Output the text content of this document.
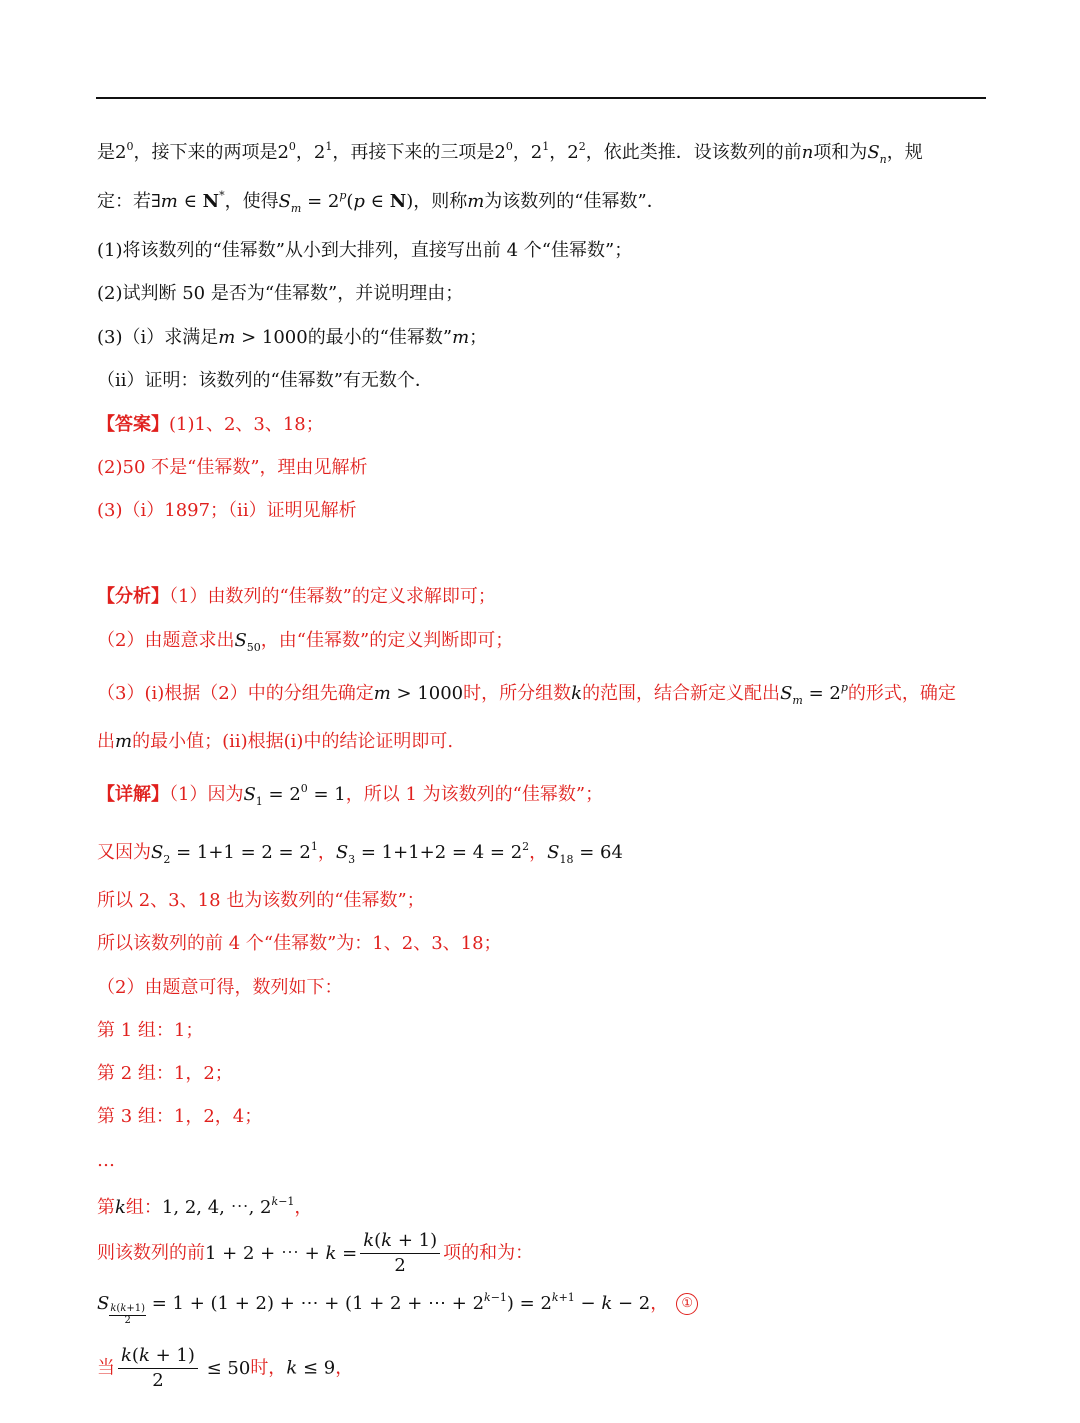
是$2^0$，接下来的两项是$2^0$，$2^1$，再接下来的三项是$2^0$，$2^1$，$2^2$，依此类推．设该数列的前n项和为$S_n$，规
定：若∃m ∈ N*，使得$S_m = 2^p(p$ ∈ N)，则称m为该数列的“佳幂数”．
(1)将该数列的“佳幂数”从小到大排列，直接写出前 4 个“佳幂数”；
(2)试判断 50 是否为“佳幂数”，并说明理由；
(3)（i）求满足m > 1000的最小的“佳幂数”m；
（ii）证明：该数列的“佳幂数”有无数个．
【答案】(1)1、2、3、18；
(2)50 不是“佳幂数”，理由见解析
(3)（i）1897；（ii）证明见解析
【分析】（1）由数列的“佳幂数”的定义求解即可；
（2）由题意求出$S_{50}$，由“佳幂数”的定义判断即可；
（3）(i)根据（2）中的分组先确定m > 1000时，所分组数k的范围，结合新定义配出$S_m = 2^p$的形式，确定
出m的最小值；(ii)根据(i)中的结论证明即可.
【详解】（1）因为$S_1 = 2^0 = 1$，所以 1 为该数列的“佳幂数”；
又因为$S_2 = 1+1 = 2 = 2^1$，$S_3 = 1+1+2 = 4 = 2^2$，$S_{18} = 64$
所以 2、3、18 也为该数列的“佳幂数”；
所以该数列的前 4 个“佳幂数”为：1、2、3、18；
（2）由题意可得，数列如下：
第 1 组：1；
第 2 组：1，2；
第 3 组：1，2，4；
…
第k组：1, 2, 4, ⋯, $2^{k-1}$，
则该数列的前1 + 2 + ⋯ + $k = \frac{k(k + 1)}{2}$ 项的和为：
S
$\frac{k(k+1)}{2}$
= 1 + (1 + 2) + ⋯ + (1 + 2 + ⋯ + $2^{k-1}) = 2^{k+1} - k - 2$， ①
当 $\frac{k(k + 1)}{2} \le 50$时，k ≤ 9，
